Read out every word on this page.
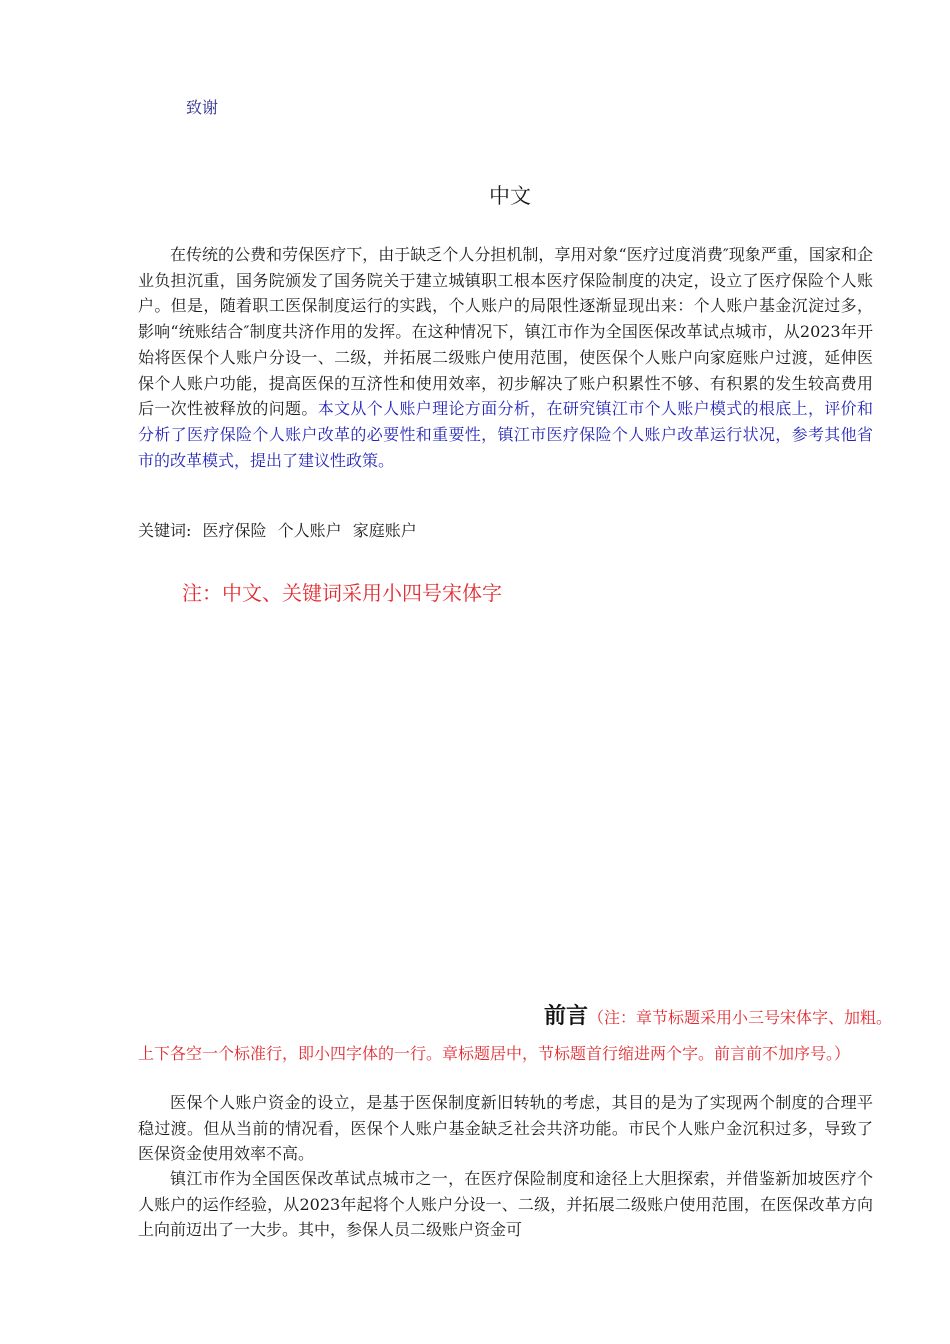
致谢
中文
在传统的公费和劳保医疗下，由于缺乏个人分担机制，享用对象“医疗过度消费″现象严重，国家和企业负担沉重，国务院颁发了国务院关于建立城镇职工根本医疗保险制度的决定，设立了医疗保险个人账户。但是，随着职工医保制度运行的实践，个人账户的局限性逐渐显现出来：个人账户基金沉淀过多，影响“统账结合″制度共济作用的发挥。在这种情况下，镇江市作为全国医保改革试点城市，从2023年开始将医保个人账户分设一、二级，并拓展二级账户使用范围，使医保个人账户向家庭账户过渡，延伸医保个人账户功能，提高医保的互济性和使用效率，初步解决了账户积累性不够、有积累的发生较高费用后一次性被释放的问题。本文从个人账户理论方面分析，在研究镇江市个人账户模式的根底上，评价和分析了医疗保险个人账户改革的必要性和重要性，镇江市医疗保险个人账户改革运行状况，参考其他省市的改革模式，提出了建议性政策。
关键词: 医疗保险 个人账户 家庭账户
注：中文、关键词采用小四号宋体字
前言（注：章节标题采用小三号宋体字、加粗。
上下各空一个标准行，即小四字体的一行。章标题居中，节标题首行缩进两个字。前言前不加序号。）
医保个人账户资金的设立，是基于医保制度新旧转轨的考虑，其目的是为了实现两个制度的合理平稳过渡。但从当前的情况看，医保个人账户基金缺乏社会共济功能。市民个人账户金沉积过多，导致了医保资金使用效率不高。
镇江市作为全国医保改革试点城市之一，在医疗保险制度和途径上大胆探索，并借鉴新加坡医疗个人账户的运作经验，从2023年起将个人账户分设一、二级，并拓展二级账户使用范围，在医保改革方向上向前迈出了一大步。其中，参保人员二级账户资金可
